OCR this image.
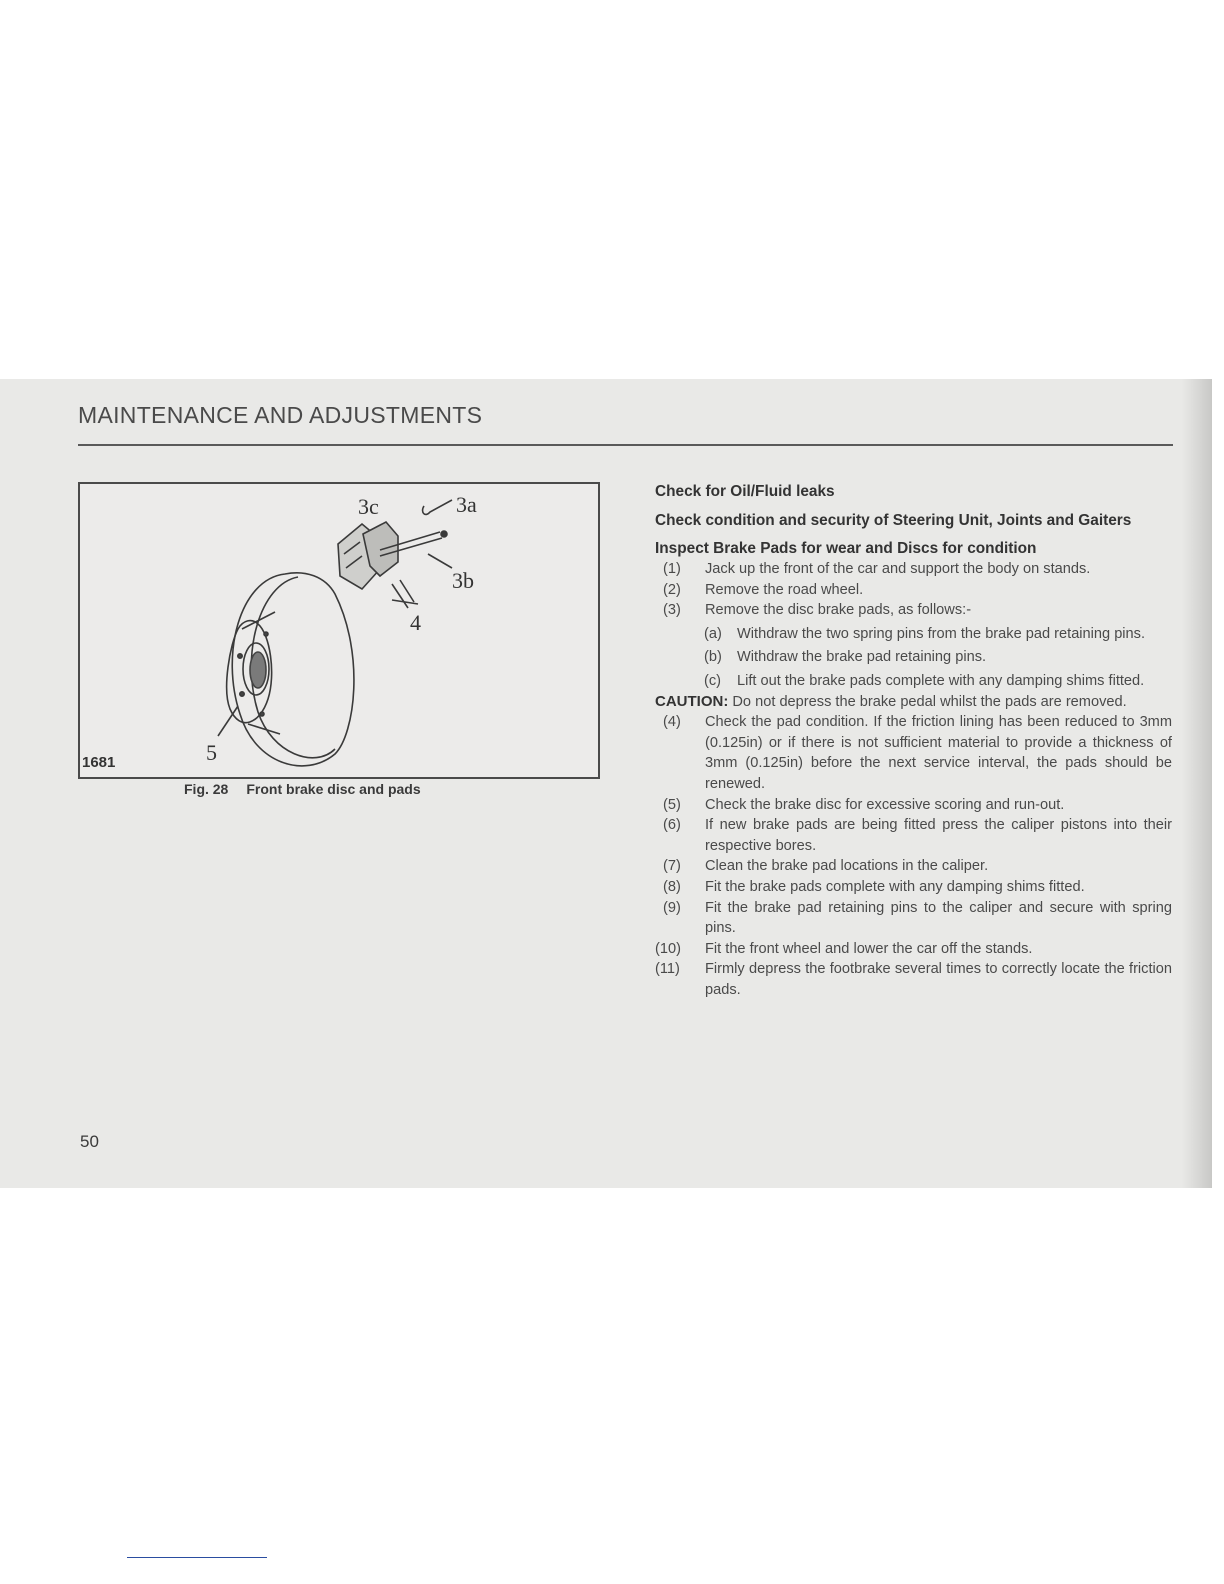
MAINTENANCE AND ADJUSTMENTS
1681
3c	3a
3b
4
5
Fig. 28 Front brake disc and pads
50
Check for Oil/Fluid leaks
Check condition and security of Steering Unit, Joints and Gaiters
Inspect Brake Pads for wear and Discs for condition
(1) Jack up the front of the car and support the body on stands.
(2) Remove the road wheel.
(3) Remove the disc brake pads, as follows:-
(a) Withdraw the two spring pins from the brake pad retaining pins.
(b) Withdraw the brake pad retaining pins.
(c) Lift out the brake pads complete with any damping shims fitted.
CAUTION: Do not depress the brake pedal whilst the pads are removed.
(4) Check the pad condition. If the friction lining has been reduced to 3mm (0.125in) or if there is not sufficient material to provide a thickness of 3mm (0.125in) before the next service interval, the pads should be renewed.
(5) Check the brake disc for excessive scoring and run-out.
(6) If new brake pads are being fitted press the caliper pistons into their respective bores.
(7) Clean the brake pad locations in the caliper.
(8) Fit the brake pads complete with any damping shims fitted.
(9) Fit the brake pad retaining pins to the caliper and secure with spring pins.
(10) Fit the front wheel and lower the car off the stands.
(11) Firmly depress the footbrake several times to correctly locate the friction pads.
